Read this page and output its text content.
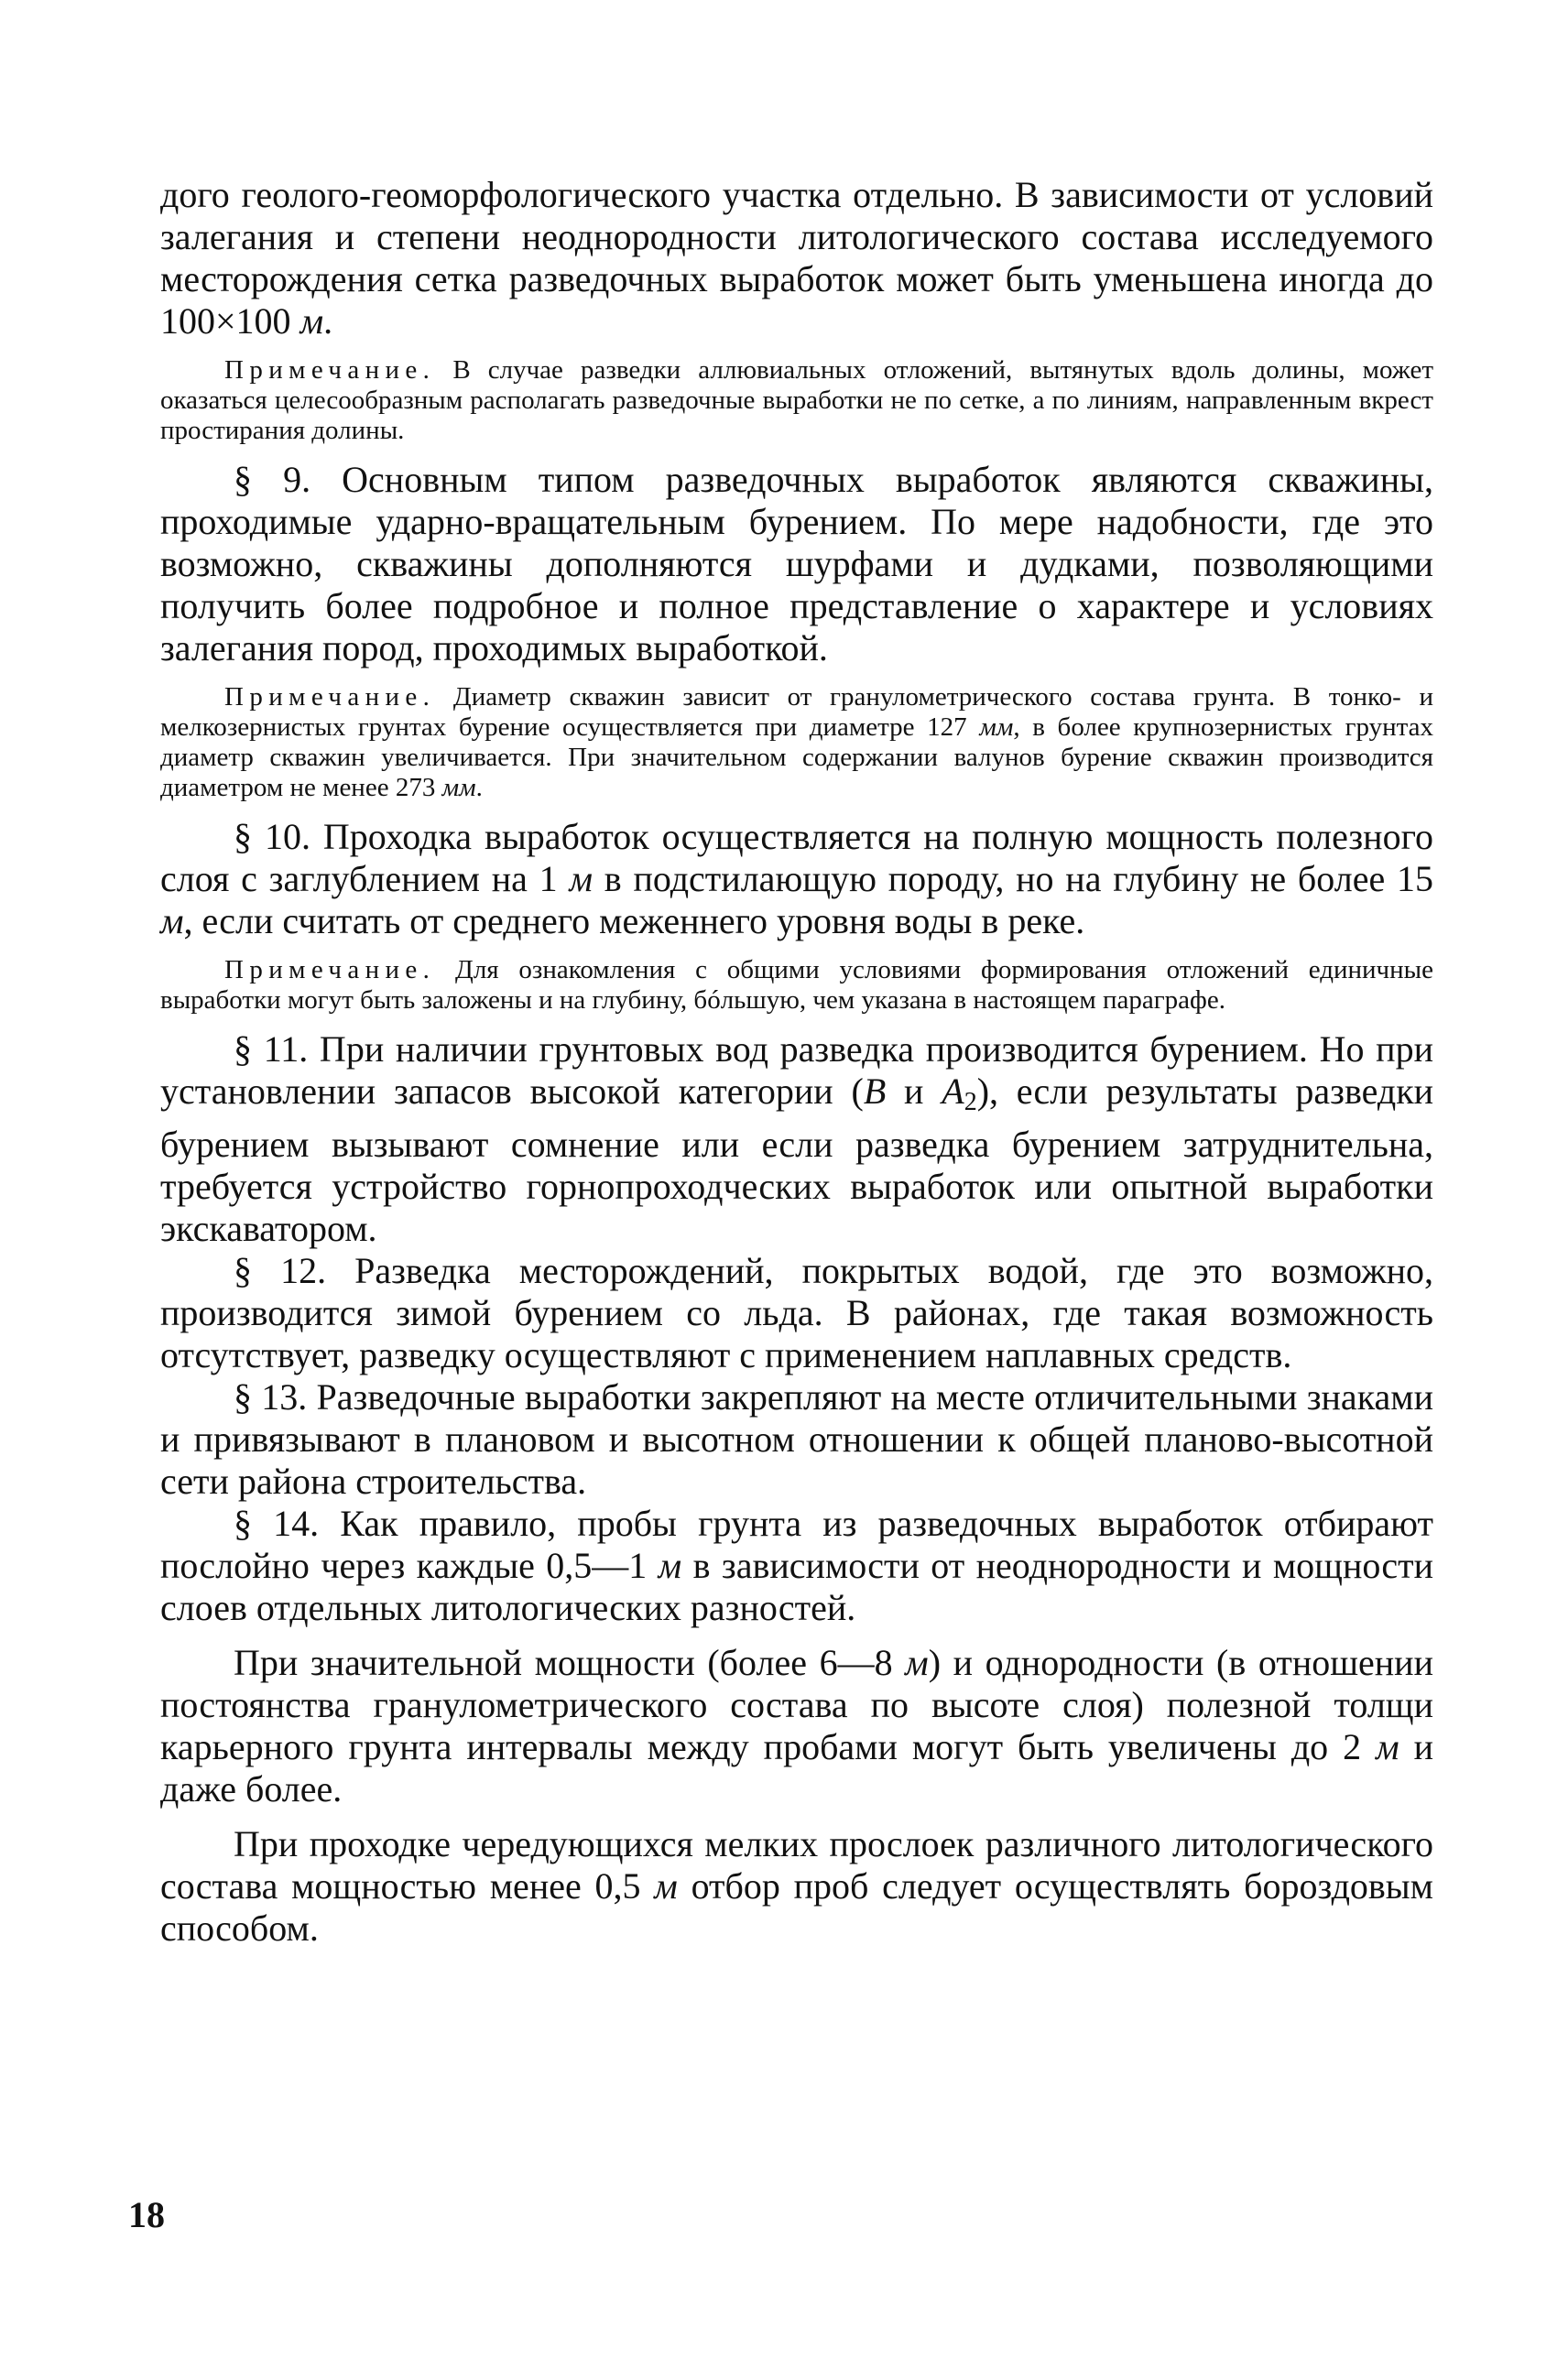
дого геолого-геоморфологического участка отдельно. В зависимости от условий залегания и степени неоднородности литологического состава исследуемого месторождения сетка разведочных выработок может быть уменьшена иногда до 100×100 м.

Примечание. В случае разведки аллювиальных отложений, вытянутых вдоль долины, может оказаться целесообразным располагать разведочные выработки не по сетке, а по линиям, направленным вкрест простирания долины.

§ 9. Основным типом разведочных выработок являются скважины, проходимые ударно-вращательным бурением. По мере надобности, где это возможно, скважины дополняются шурфами и дудками, позволяющими получить более подробное и полное представление о характере и условиях залегания пород, проходимых выработкой.

Примечание. Диаметр скважин зависит от гранулометрического состава грунта. В тонко- и мелкозернистых грунтах бурение осуществляется при диаметре 127 мм, в более крупнозернистых грунтах диаметр скважин увеличивается. При значительном содержании валунов бурение скважин производится диаметром не менее 273 мм.

§ 10. Проходка выработок осуществляется на полную мощность полезного слоя с заглублением на 1 м в подстилающую породу, но на глубину не более 15 м, если считать от среднего меженнего уровня воды в реке.

Примечание. Для ознакомления с общими условиями формирования отложений единичные выработки могут быть заложены и на глубину, бóльшую, чем указана в настоящем параграфе.

§ 11. При наличии грунтовых вод разведка производится бурением. Но при установлении запасов высокой категории (B и $A_2$), если результаты разведки бурением вызывают сомнение или если разведка бурением затруднительна, требуется устройство горнопроходческих выработок или опытной выработки экскаватором.

§ 12. Разведка месторождений, покрытых водой, где это возможно, производится зимой бурением со льда. В районах, где такая возможность отсутствует, разведку осуществляют с применением наплавных средств.

§ 13. Разведочные выработки закрепляют на месте отличительными знаками и привязывают в плановом и высотном отношении к общей планово-высотной сети района строительства.

§ 14. Как правило, пробы грунта из разведочных выработок отбирают послойно через каждые 0,5—1 м в зависимости от неоднородности и мощности слоев отдельных литологических разностей.

При значительной мощности (более 6—8 м) и однородности (в отношении постоянства гранулометрического состава по высоте слоя) полезной толщи карьерного грунта интервалы между пробами могут быть увеличены до 2 м и даже более.

При проходке чередующихся мелких прослоек различного литологического состава мощностью менее 0,5 м отбор проб следует осуществлять бороздовым способом.

18
